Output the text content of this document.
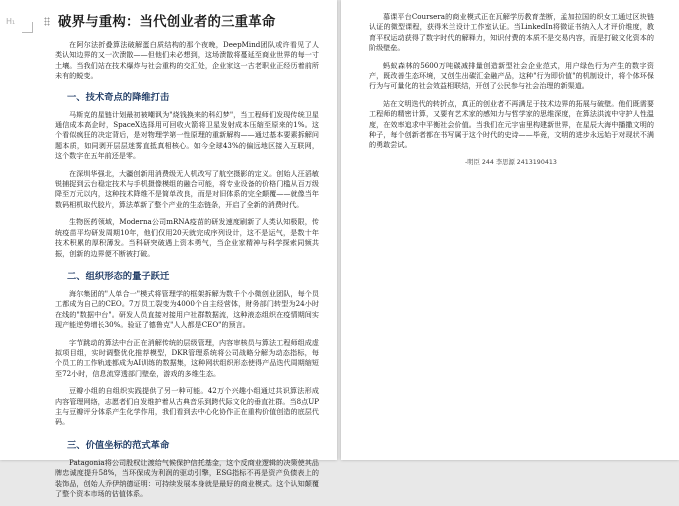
H₁	破界与重构：当代创业者的三重革命

在阿尔法折叠算法破解蛋白质结构的那个夜晚，DeepMind团队或许看见了人类认知边界的又一次溃散——但他们未必想到，这场溃散将蔓延至商业世界的每一寸土壤。当我们站在技术爆炸与社会重构的交汇处，企业家这一古老职业正经历着前所未有的蜕变。

一、技术奇点的降维打击

马斯克的星链计划最初被嘲讽为"烧钱换来的科幻梦"，当工程师们发现传统卫星通信成本高企时，SpaceX选择用可回收火箭将卫星发射成本压缩至原来的1%。这个看似疯狂的决定背后，是对物理学第一性原理的重新解构——通过基本要素拆解问题本质，如同剥开层层迷雾直抵真相核心。如今全球43%的偏远地区接入互联网，这个数字在五年前还是零。

在深圳华强北，大疆创新用消费级无人机改写了航空摄影的定义。创始人汪滔敏锐捕捉到云台稳定技术与手机摄像模组的融合可能，将专业设备的价格门槛从百万级降至万元以内，这种技术降维不是简单改良，而是对旧体系的完全颠覆——就像当年数码相机取代胶片，算法革新了整个产业的生态链条，开启了全新的消费时代。

生物医药领域，Moderna公司mRNA疫苗的研发速度刷新了人类认知极限，传统疫苗平均研发周期10年，他们仅用20天就完成序列设计，这不是运气，是数十年技术积累的厚积薄发。当科研突破遇上资本勇气，当企业家精神与科学探索同频共振，创新的边界便不断被打破。

二、组织形态的量子跃迁

海尔集团的"人单合一"模式将管理学的框架拆解为数千个小微创业团队，每个员工都成为自己的CEO。7万员工裂变为4000个自主经营体，财务部门转型为24小时在线的"数据中台"。研发人员直接对接用户社群数据流，这种液态组织在疫情期间实现产能逆势增长30%。验证了德鲁克"人人都是CEO"的预言。

字节跳动的算法中台正在消解传统的层级管理，内容审核员与算法工程师组成虚拟项目组，实时调整优化推荐模型，DKR管理系统将公司战略分解为动态指标，每个员工的工作轨迹都成为AI训练的数据集，这种网状组织形态使得产品迭代周期缩短至72小时，信息流穿透部门壁垒，游戏的多维生态。

豆瓣小组的自组织实践提供了另一种可能。42万个兴趣小组通过共识算法形成内容管理网络，志愿者们自发维护着从古典音乐到跨代际文化的垂直社群。当8点UP主与豆瓣评分体系产生化学作用，我们看到去中心化协作正在重构价值创造的底层代码。

三、价值坐标的范式革命

Patagonia将公司股权让渡给气候保护信托基金，这个反商业逻辑的决策使其品牌忠诚度提升58%，当环保成为利润的驱动引擎，ESG指标不再是资产负债表上的装饰品，创始人乔伊纳德证明：可持续发展本身就是最好的商业模式。这个认知颠覆了整个资本市场的估值体系。

慕课平台Coursera的商业模式正在瓦解学历教育垄断，孟加拉国的织女工通过区块链认证的微型课程，获得米兰设计工作室认证。当LinkedIn将微证书纳入人才评价维度，教育平权运动获得了数字时代的解释力，知识付费的本质不是交易内容，而是打破文化资本的阶级壁垒。

蚂蚁森林的5600万吨碳减排量创造新型社会企业范式，用户绿色行为产生的数字资产，既改善生态环境，又创生出碳汇金融产品，这种"行为即价值"的机制设计，将个体环保行为与可量化的社会效益相联结，开创了公民参与社会治理的新渠道。

站在文明迭代的转折点，真正的创业者不再满足于技术边界的拓展与破壁。他们既需要工程师的精密计算，又要有艺术家的感知力与哲学家的思维深度，在算法洪流中守护人性温度，在效率追求中平衡社会价值。当我们在元宇宙里构建新世界，在星辰大海中播撒文明的种子，每个创新者都在书写属于这个时代的史诗——毕竟，文明的进步永远始于对现状不满的勇敢尝试。

-明臣 244 李思源 2413190413
